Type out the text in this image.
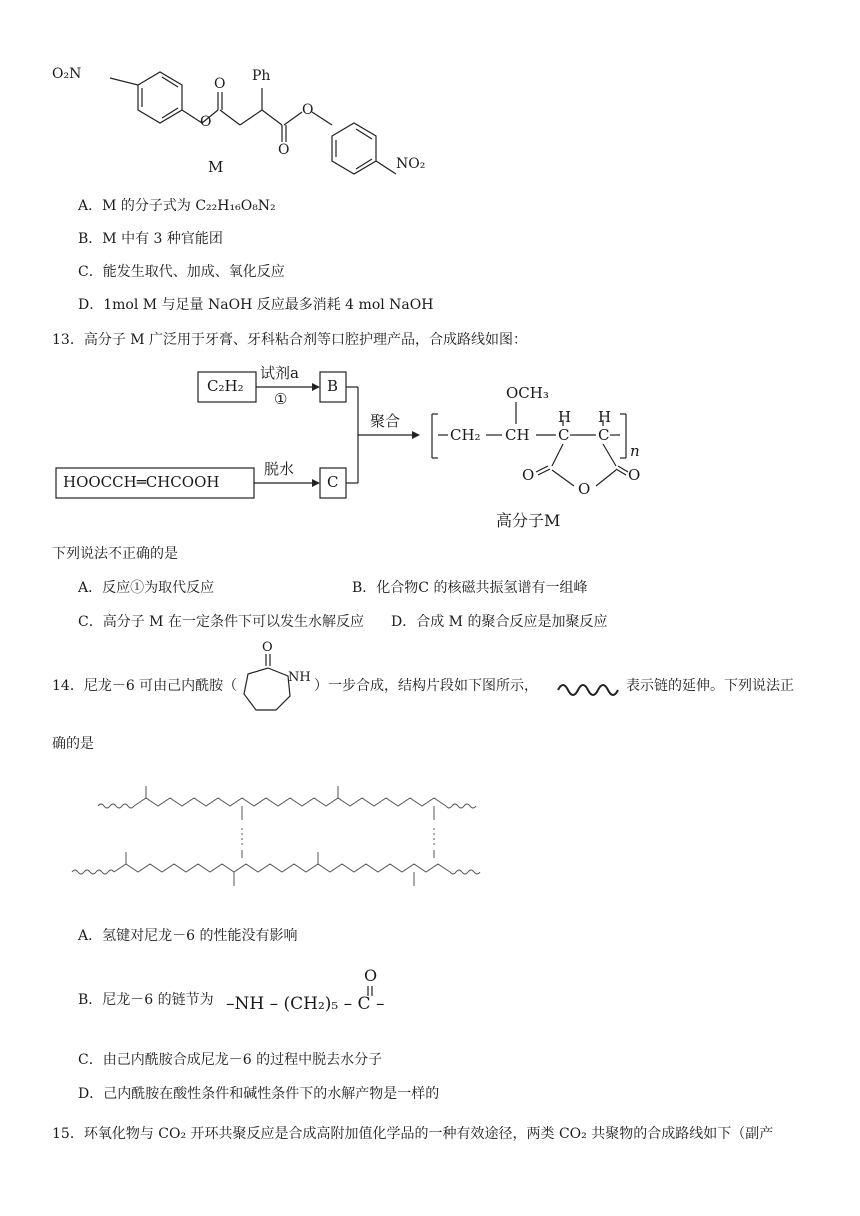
O₂N	Ph
O
O
O
O
NO₂
M
A．M 的分子式为 C₂₂H₁₆O₈N₂
B．M 中有 3 种官能团
C．能发生取代、加成、氧化反应
D．1mol M 与足量 NaOH 反应最多消耗 4 mol NaOH
13．高分子 M 广泛用于牙膏、牙科粘合剂等口腔护理产品，合成路线如图：
C₂H₂
试剂a
①
B
HOOCCH═CHCOOH
脱水
C
聚合
OCH₃
CH₂ CH
H
C
H
C
O
O
O
n
高分子M
下列说法不正确的是
A．反应①为取代反应	B．化合物C 的核磁共振氢谱有一组峰
C．高分子 M 在一定条件下可以发生水解反应 D．合成 M 的聚合反应是加聚反应
14．尼龙－6 可由己内酰胺（
O
NH
）一步合成，结构片段如下图所示，	表示链的延伸。下列说法正
确的是
A．氢键对尼龙－6 的性能没有影响
B．尼龙－6 的链节为
O
–NH – (CH₂)₅ – C –
C．由己内酰胺合成尼龙－6 的过程中脱去水分子
D．己内酰胺在酸性条件和碱性条件下的水解产物是一样的
15．环氧化物与 CO₂ 开环共聚反应是合成高附加值化学品的一种有效途径，两类 CO₂ 共聚物的合成路线如下（副产
